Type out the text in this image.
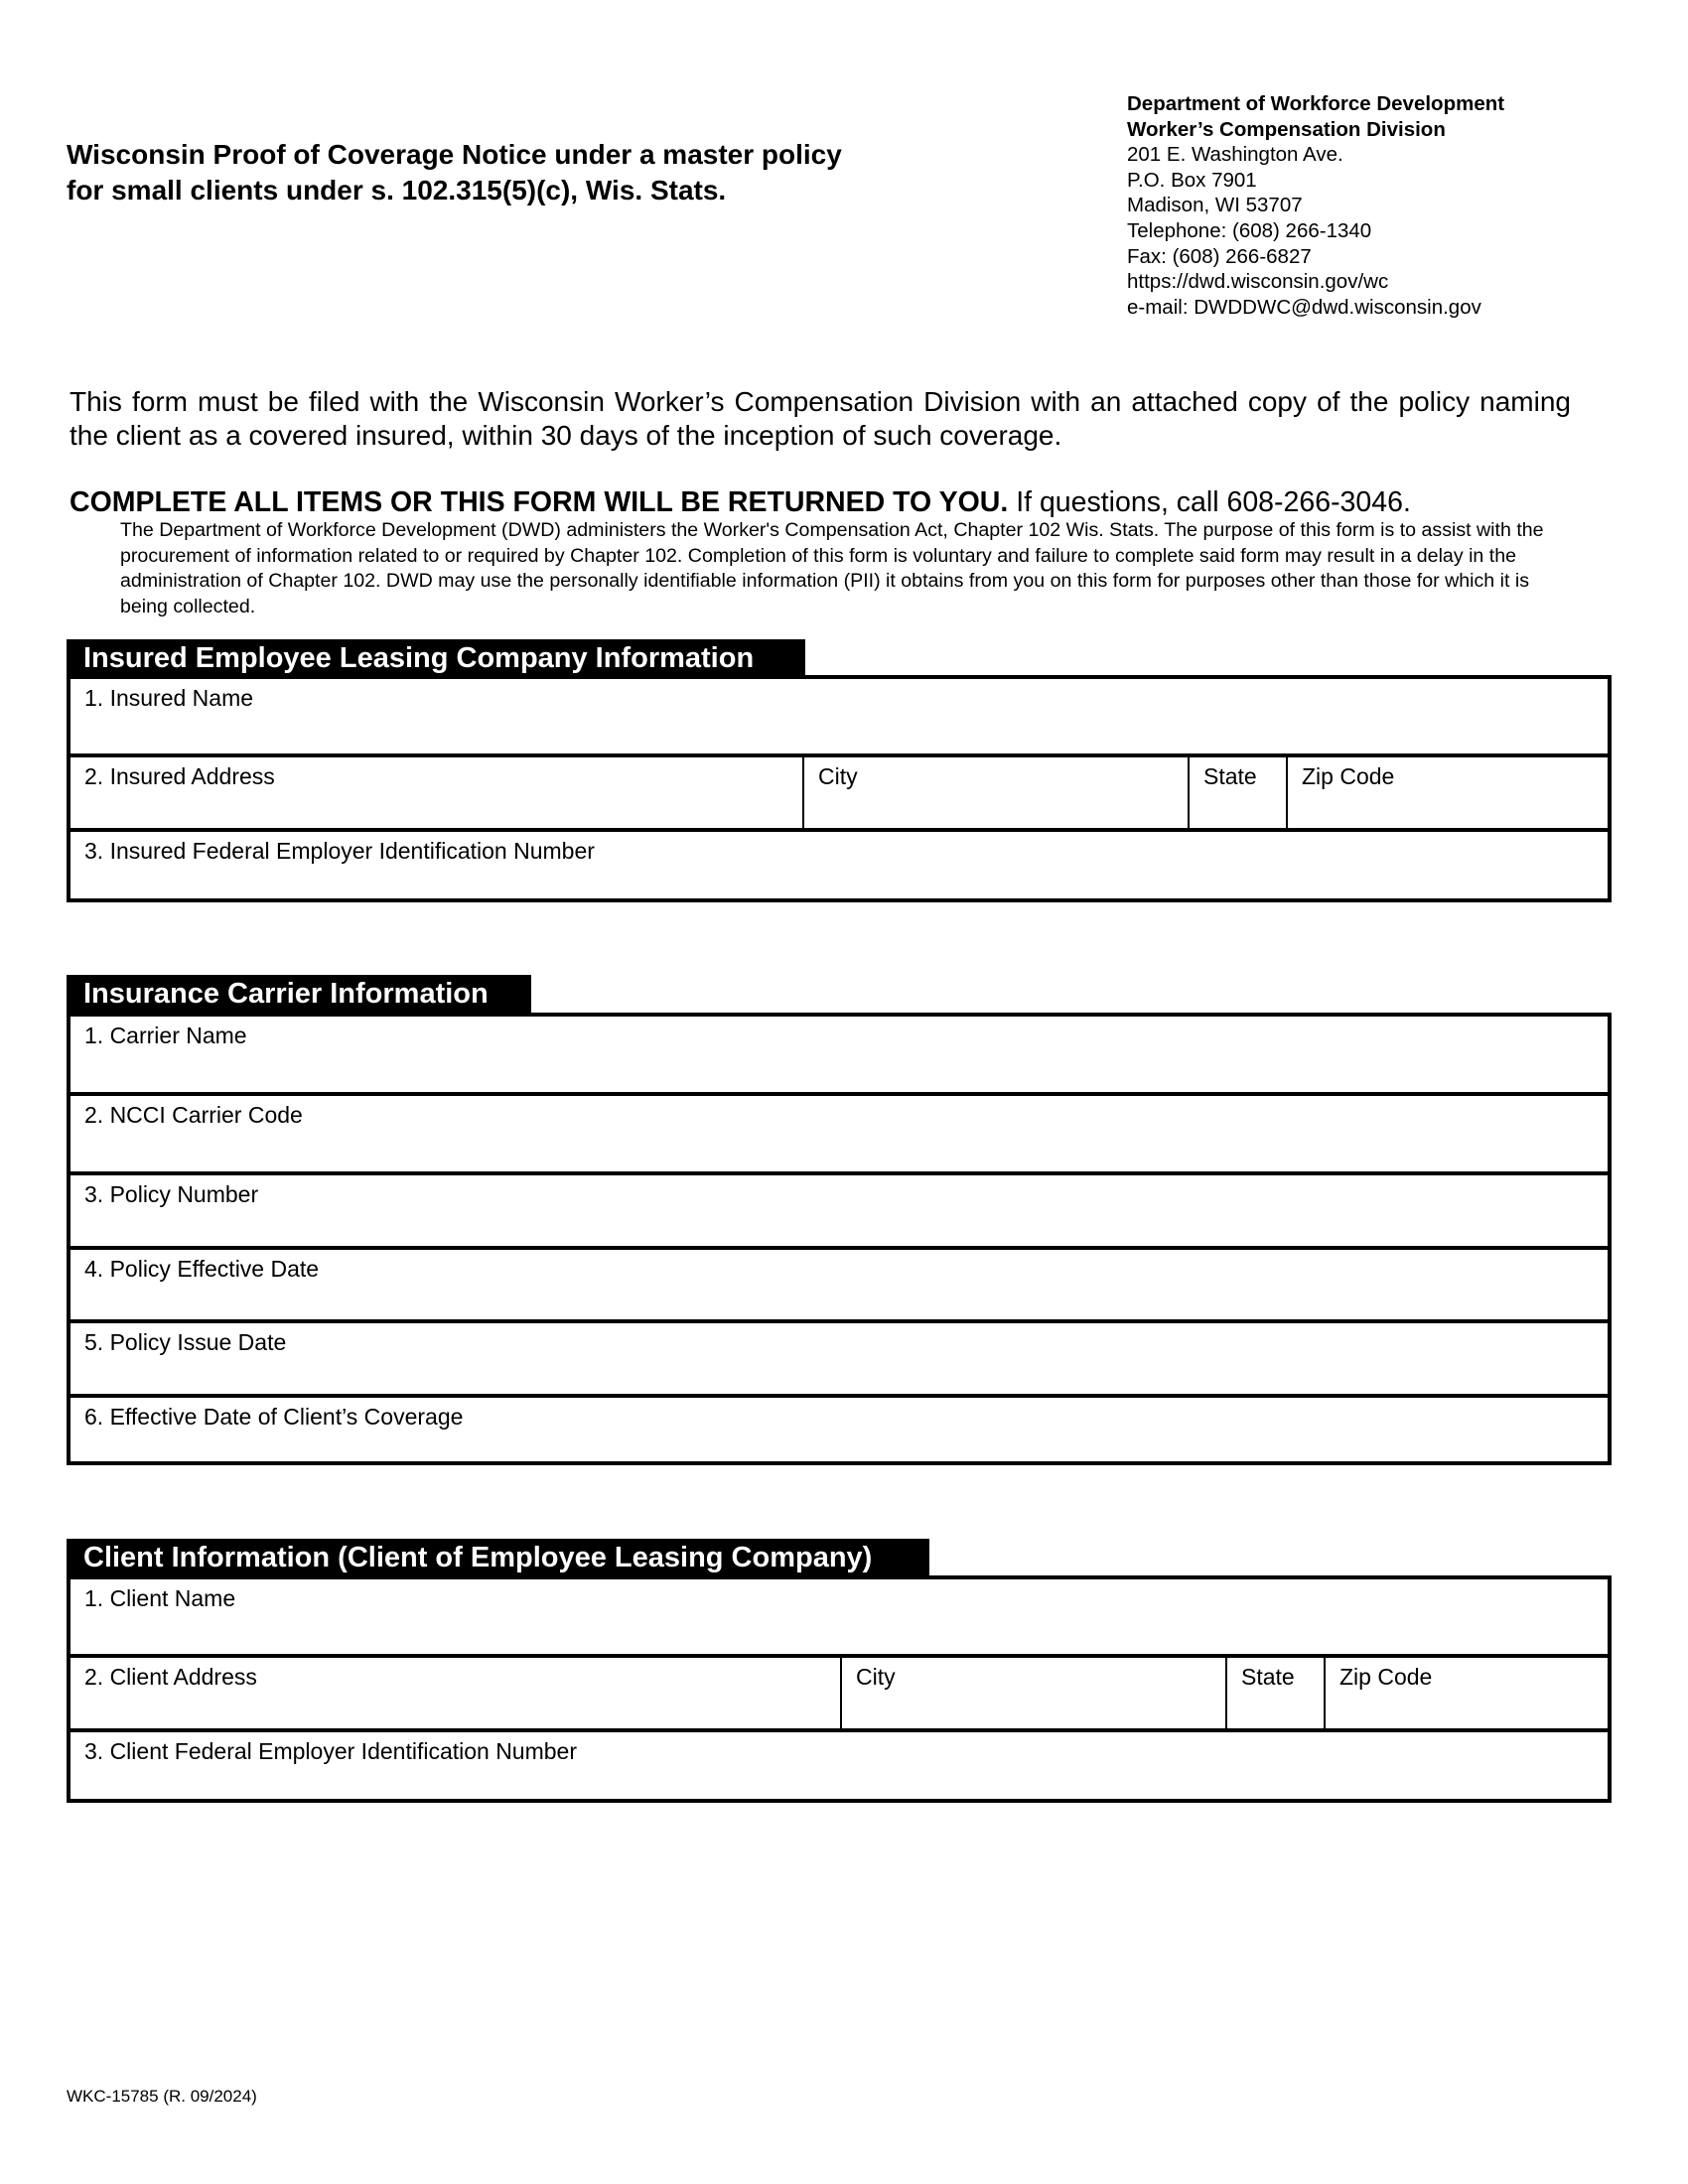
Wisconsin Proof of Coverage Notice under a master policy
for small clients under s. 102.315(5)(c), Wis. Stats.
Department of Workforce Development
Worker’s Compensation Division
201 E. Washington Ave.
P.O. Box 7901
Madison, WI 53707
Telephone: (608) 266-1340
Fax: (608) 266-6827
https://dwd.wisconsin.gov/wc
e-mail: DWDDWC@dwd.wisconsin.gov
This form must be filed with the Wisconsin Worker’s Compensation Division with an attached copy of the policy naming the client as a covered insured, within 30 days of the inception of such coverage.
COMPLETE ALL ITEMS OR THIS FORM WILL BE RETURNED TO YOU. If questions, call 608-266-3046.
The Department of Workforce Development (DWD) administers the Worker's Compensation Act, Chapter 102 Wis. Stats. The purpose of this form is to assist with the procurement of information related to or required by Chapter 102. Completion of this form is voluntary and failure to complete said form may result in a delay in the administration of Chapter 102. DWD may use the personally identifiable information (PII) it obtains from you on this form for purposes other than those for which it is being collected.
Insured Employee Leasing Company Information
1. Insured Name
2. Insured Address	City	State	Zip Code
3. Insured Federal Employer Identification Number
Insurance Carrier Information
1. Carrier Name
2. NCCI Carrier Code
3. Policy Number
4. Policy Effective Date
5. Policy Issue Date
6. Effective Date of Client’s Coverage
Client Information (Client of Employee Leasing Company)
1. Client Name
2. Client Address	City	State	Zip Code
3. Client Federal Employer Identification Number
WKC-15785 (R. 09/2024)
